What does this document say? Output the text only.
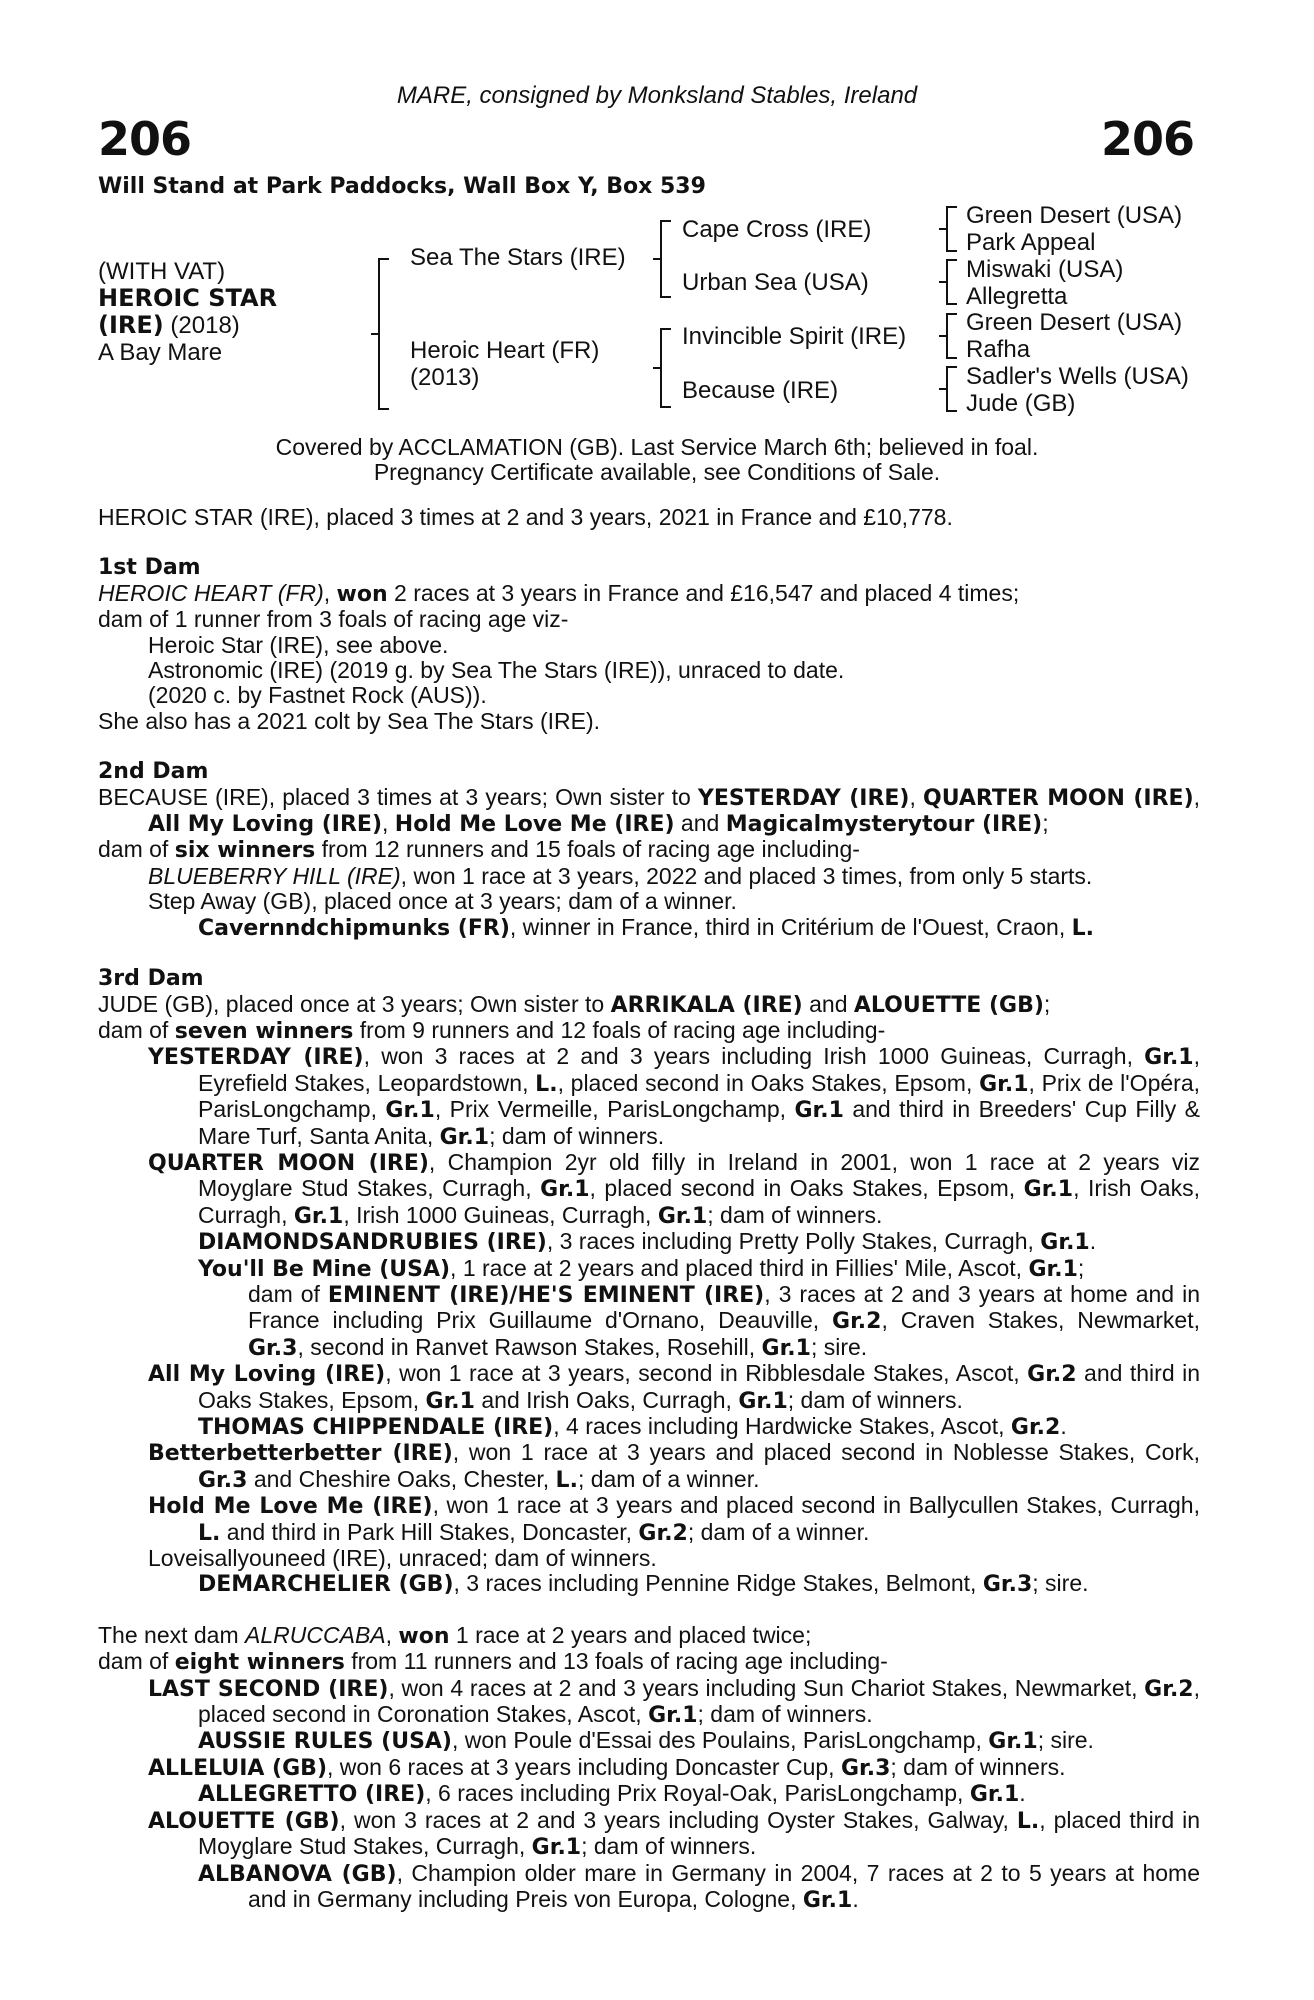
MARE, consigned by Monksland Stables, Ireland
206	206
Will Stand at Park Paddocks, Wall Box Y, Box 539
(WITH VAT)
HEROIC STAR
(IRE) (2018)
A Bay Mare
Sea The Stars (IRE)
Heroic Heart (FR)
(2013)
Cape Cross (IRE)
Urban Sea (USA)
Invincible Spirit (IRE)
Because (IRE)
Green Desert (USA)
Park Appeal
Miswaki (USA)
Allegretta
Green Desert (USA)
Rafha
Sadler's Wells (USA)
Jude (GB)
Covered by ACCLAMATION (GB). Last Service March 6th; believed in foal.
Pregnancy Certificate available, see Conditions of Sale.

HEROIC STAR (IRE), placed 3 times at 2 and 3 years, 2021 in France and £10,778.

1st Dam

HEROIC HEART (FR), won 2 races at 3 years in France and £16,547 and placed 4 times;

dam of 1 runner from 3 foals of racing age viz-

Heroic Star (IRE), see above.

Astronomic (IRE) (2019 g. by Sea The Stars (IRE)), unraced to date.

(2020 c. by Fastnet Rock (AUS)).

She also has a 2021 colt by Sea The Stars (IRE).

2nd Dam

BECAUSE (IRE), placed 3 times at 3 years; Own sister to YESTERDAY (IRE), QUARTER MOON (IRE), All My Loving (IRE), Hold Me Love Me (IRE) and Magicalmysterytour (IRE);

dam of six winners from 12 runners and 15 foals of racing age including-

BLUEBERRY HILL (IRE), won 1 race at 3 years, 2022 and placed 3 times, from only 5 starts.

Step Away (GB), placed once at 3 years; dam of a winner.

Cavernndchipmunks (FR), winner in France, third in Critérium de l'Ouest, Craon, L.

3rd Dam

JUDE (GB), placed once at 3 years; Own sister to ARRIKALA (IRE) and ALOUETTE (GB);

dam of seven winners from 9 runners and 12 foals of racing age including-

YESTERDAY (IRE), won 3 races at 2 and 3 years including Irish 1000 Guineas, Curragh, Gr.1, Eyrefield Stakes, Leopardstown, L., placed second in Oaks Stakes, Epsom, Gr.1, Prix de l'Opéra, ParisLongchamp, Gr.1, Prix Vermeille, ParisLongchamp, Gr.1 and third in Breeders' Cup Filly & Mare Turf, Santa Anita, Gr.1; dam of winners.

QUARTER MOON (IRE), Champion 2yr old filly in Ireland in 2001, won 1 race at 2 years viz Moyglare Stud Stakes, Curragh, Gr.1, placed second in Oaks Stakes, Epsom, Gr.1, Irish Oaks, Curragh, Gr.1, Irish 1000 Guineas, Curragh, Gr.1; dam of winners.

DIAMONDSANDRUBIES (IRE), 3 races including Pretty Polly Stakes, Curragh, Gr.1.

You'll Be Mine (USA), 1 race at 2 years and placed third in Fillies' Mile, Ascot, Gr.1;

dam of EMINENT (IRE)/HE'S EMINENT (IRE), 3 races at 2 and 3 years at home and in France including Prix Guillaume d'Ornano, Deauville, Gr.2, Craven Stakes, Newmarket, Gr.3, second in Ranvet Rawson Stakes, Rosehill, Gr.1; sire.

All My Loving (IRE), won 1 race at 3 years, second in Ribblesdale Stakes, Ascot, Gr.2 and third in Oaks Stakes, Epsom, Gr.1 and Irish Oaks, Curragh, Gr.1; dam of winners.

THOMAS CHIPPENDALE (IRE), 4 races including Hardwicke Stakes, Ascot, Gr.2.

Betterbetterbetter (IRE), won 1 race at 3 years and placed second in Noblesse Stakes, Cork, Gr.3 and Cheshire Oaks, Chester, L.; dam of a winner.

Hold Me Love Me (IRE), won 1 race at 3 years and placed second in Ballycullen Stakes, Curragh, L. and third in Park Hill Stakes, Doncaster, Gr.2; dam of a winner.

Loveisallyouneed (IRE), unraced; dam of winners.

DEMARCHELIER (GB), 3 races including Pennine Ridge Stakes, Belmont, Gr.3; sire.

The next dam ALRUCCABA, won 1 race at 2 years and placed twice;

dam of eight winners from 11 runners and 13 foals of racing age including-

LAST SECOND (IRE), won 4 races at 2 and 3 years including Sun Chariot Stakes, Newmarket, Gr.2, placed second in Coronation Stakes, Ascot, Gr.1; dam of winners.

AUSSIE RULES (USA), won Poule d'Essai des Poulains, ParisLongchamp, Gr.1; sire.

ALLELUIA (GB), won 6 races at 3 years including Doncaster Cup, Gr.3; dam of winners.

ALLEGRETTO (IRE), 6 races including Prix Royal-Oak, ParisLongchamp, Gr.1.

ALOUETTE (GB), won 3 races at 2 and 3 years including Oyster Stakes, Galway, L., placed third in Moyglare Stud Stakes, Curragh, Gr.1; dam of winners.

ALBANOVA (GB), Champion older mare in Germany in 2004, 7 races at 2 to 5 years at home and in Germany including Preis von Europa, Cologne, Gr.1.
